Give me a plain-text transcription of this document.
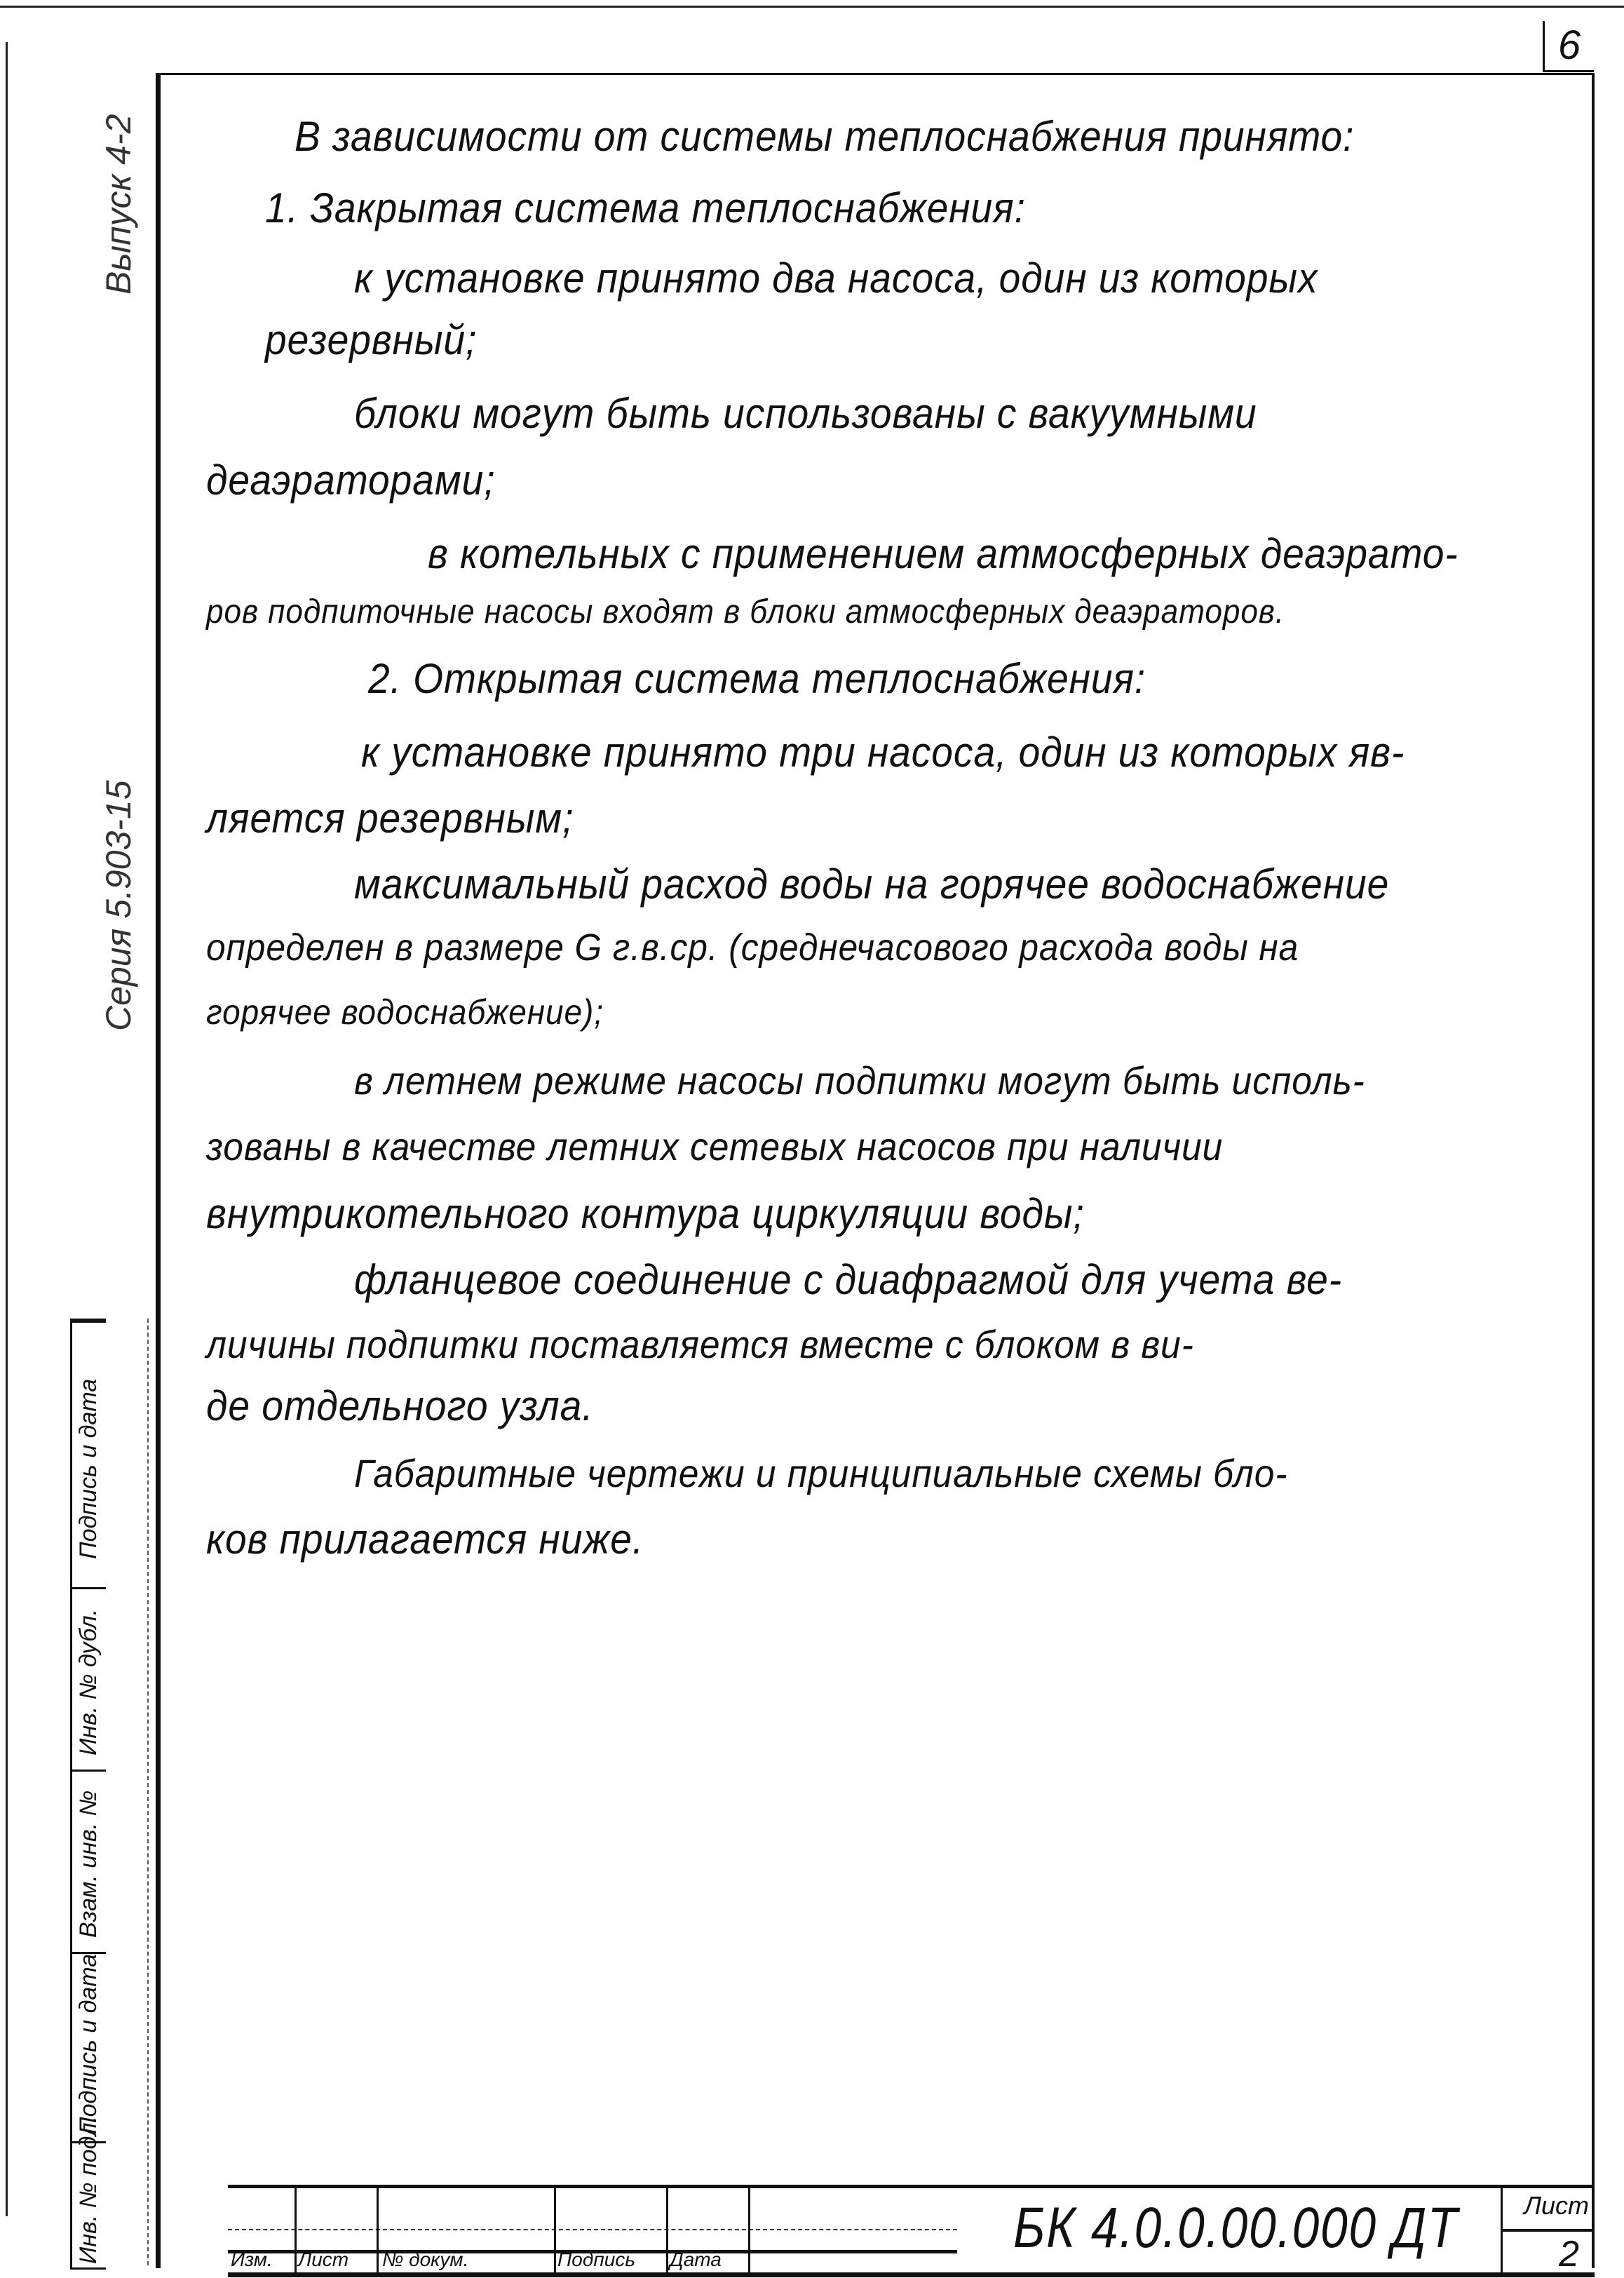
6
Выпуск 4-2
Серия 5.903-15
Подпись и дата
Инв. № дубл.
Взам. инв. №
Подпись и дата
Инв. № подл.
В зависимости от системы теплоснабжения принято:
1. Закрытая система теплоснабжения:
к установке принято два насоса, один из которых
резервный;
блоки могут быть использованы с вакуумными
деаэраторами;
в котельных с применением атмосферных деаэрато-
ров подпиточные насосы входят в блоки атмосферных деаэраторов.
2. Открытая система теплоснабжения:
к установке принято три насоса, один из которых яв-
ляется резервным;
максимальный расход воды на горячее водоснабжение
определен в размере G г.в.ср. (среднечасового расхода воды на
горячее водоснабжение);
в летнем режиме насосы подпитки могут быть исполь-
зованы в качестве летних сетевых насосов при наличии
внутрикотельного контура циркуляции воды;
фланцевое соединение с диафрагмой для учета ве-
личины подпитки поставляется вместе с блоком в ви-
де отдельного узла.
Габаритные чертежи и принципиальные схемы бло-
ков прилагается ниже.
Изм. Лист № докум.	Подпись Дата	БК 4.0.0.00.000 ДТ	Лист
2
